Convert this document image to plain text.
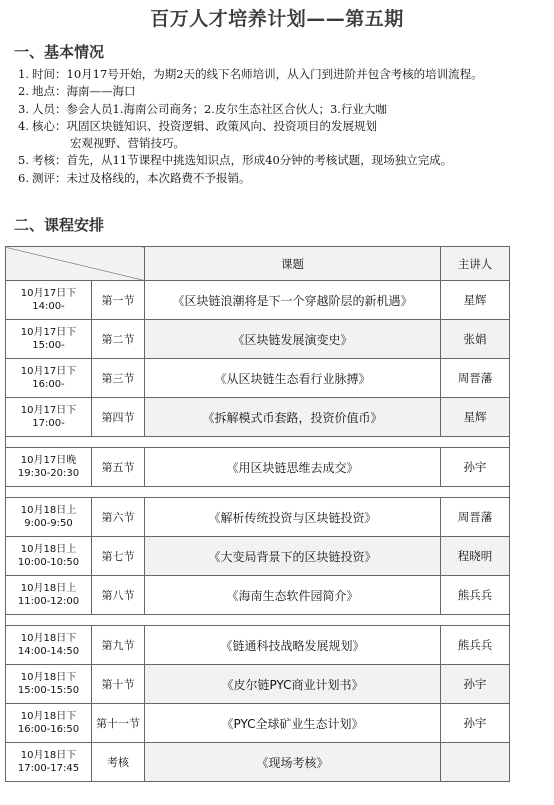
百万人才培养计划——第五期
一、基本情况
1. 时间：10月17号开始，为期2天的线下名师培训，从入门到进阶并包含考核的培训流程。
2. 地点：海南——海口
3. 人员：参会人员1.海南公司商务；2.皮尔生态社区合伙人；3.行业大咖
4. 核心：巩固区块链知识、投资逻辑、政策风向、投资项目的发展规划
宏观视野、营销技巧。
5. 考核：首先，从11节课程中挑选知识点，形成40分钟的考核试题，现场独立完成。
6. 测评：未过及格线的，本次路费不予报销。
二、课程安排
		课题	主讲人

10月17日下
14:00-	第一节	《区块链浪潮将是下一个穿越阶层的新机遇》	星辉

10月17日下
15:00-	第二节	《区块链发展演变史》	张娟

10月17日下
16:00-	第三节	《从区块链生态看行业脉搏》	周晋藩

10月17日下
17:00-	第四节	《拆解模式币套路，投资价值币》	星辉

10月17日晚
19:30-20:30	第五节	《用区块链思维去成交》	孙宇

10月18日上
9:00-9:50	第六节	《解析传统投资与区块链投资》	周晋藩

10月18日上
10:00-10:50	第七节	《大变局背景下的区块链投资》	程晓明

10月18日上
11:00-12:00	第八节	《海南生态软件园简介》	熊兵兵

10月18日下
14:00-14:50	第九节	《链通科技战略发展规划》	熊兵兵

10月18日下
15:00-15:50	第十节	《皮尔链PYC商业计划书》	孙宇

10月18日下
16:00-16:50	第十一节	《PYC全球矿业生态计划》	孙宇

10月18日下
17:00-17:45	考核	《现场考核》	
